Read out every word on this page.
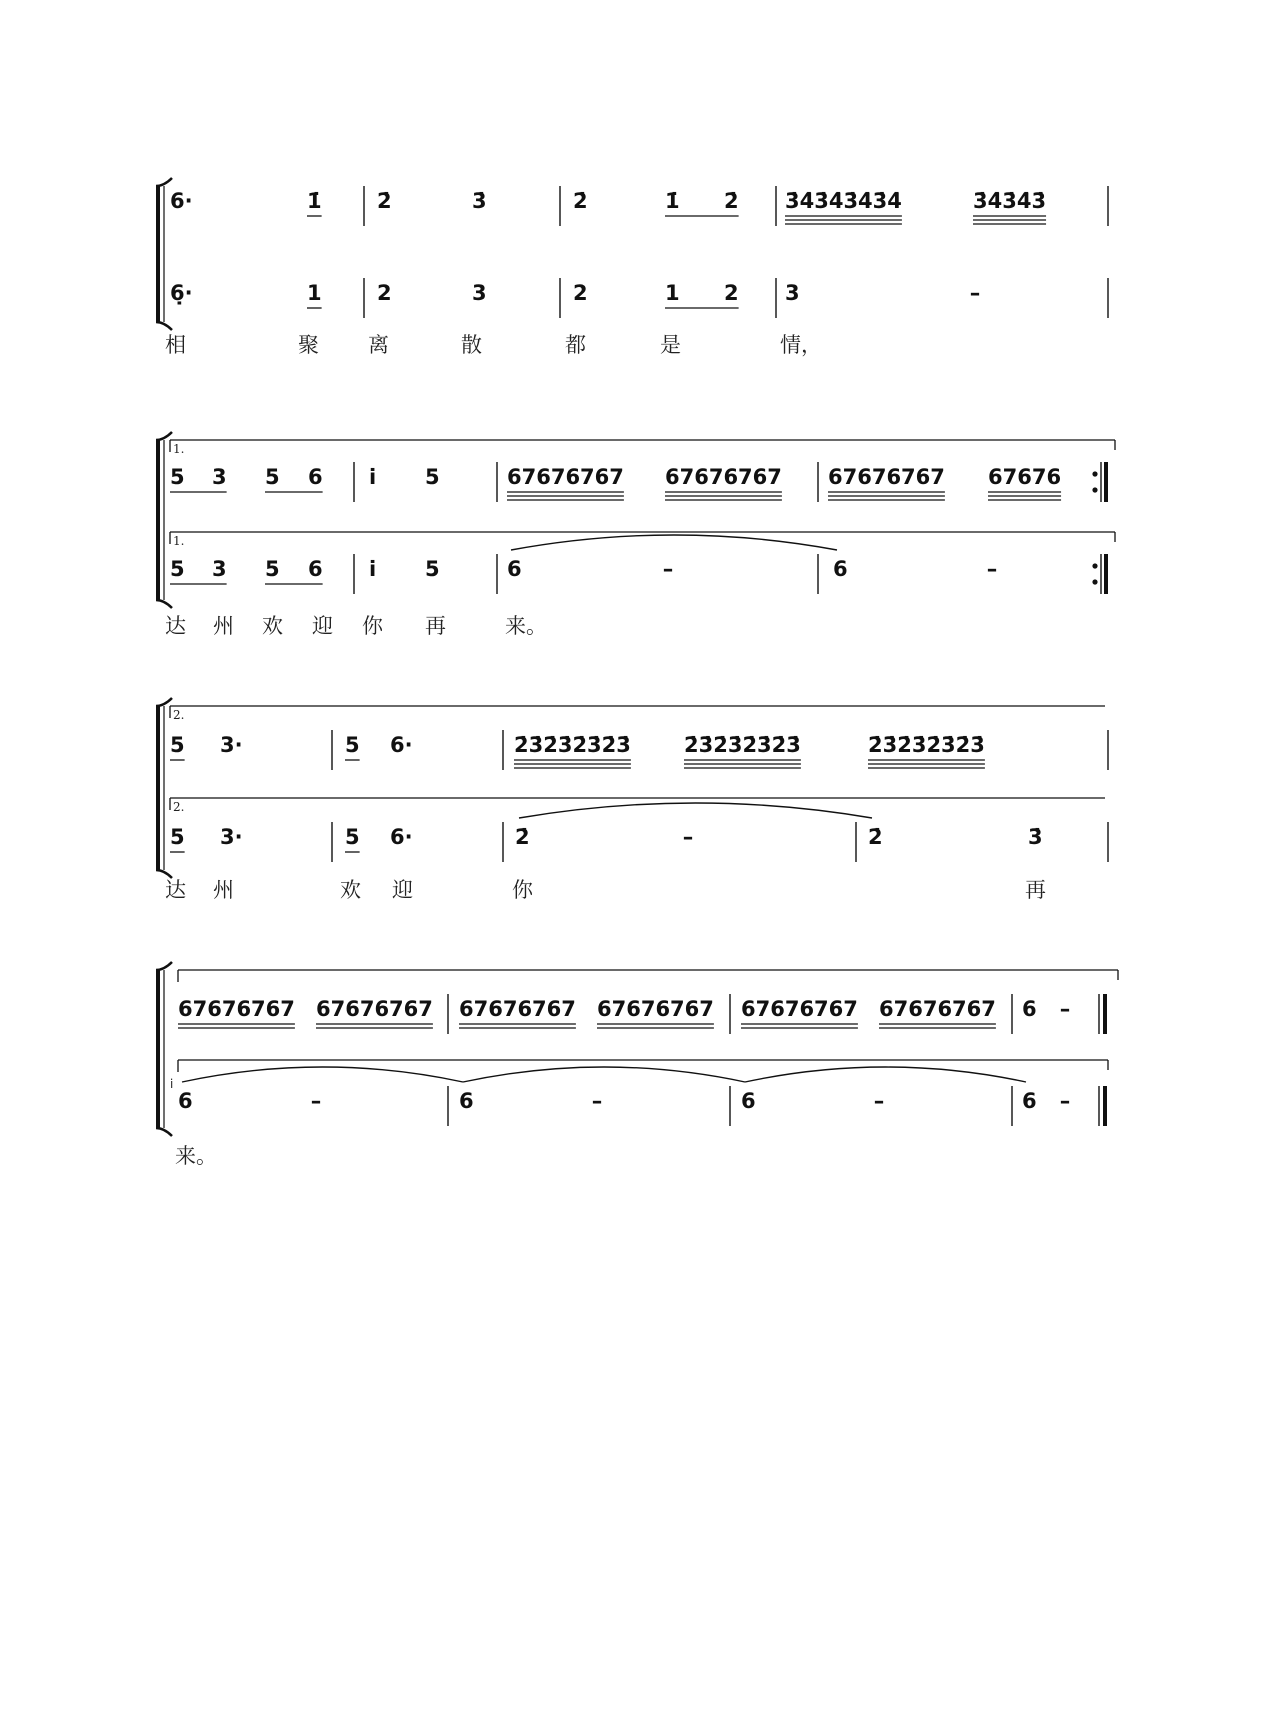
6·	1̇	2̇	3̇	2̇	1̇ 2̇ 3̇4̇3̇4̇3̇4̇3̇4̇	3̇4̇3̇4̇3̇
6̣·	1	2	3	2	1 2 3	–
相	聚 离	散	都	是	情，
1.
1.
5 3 5 6 i̇ 5	67676767 67676767 67676767 67676
5 3 5 6 i̇ 5	6	–	6	–
达 州 欢 迎 你 再	来。
2.
2.
5 3·	5 6·	2̇3̇2̇3̇2̇3̇2̇3̇	2̇3̇2̇3̇2̇3̇2̇3̇	2̇3̇2̇3̇2̇3̇2̇3̇
5 3·	5 6·	2̇	–	2̇	3̇
达 州	欢 迎	你	再
67676767 67676767 67676767 67676767 67676767 67676767 6 –
6	–	6	–	6	–	6 –
i̇
来。
